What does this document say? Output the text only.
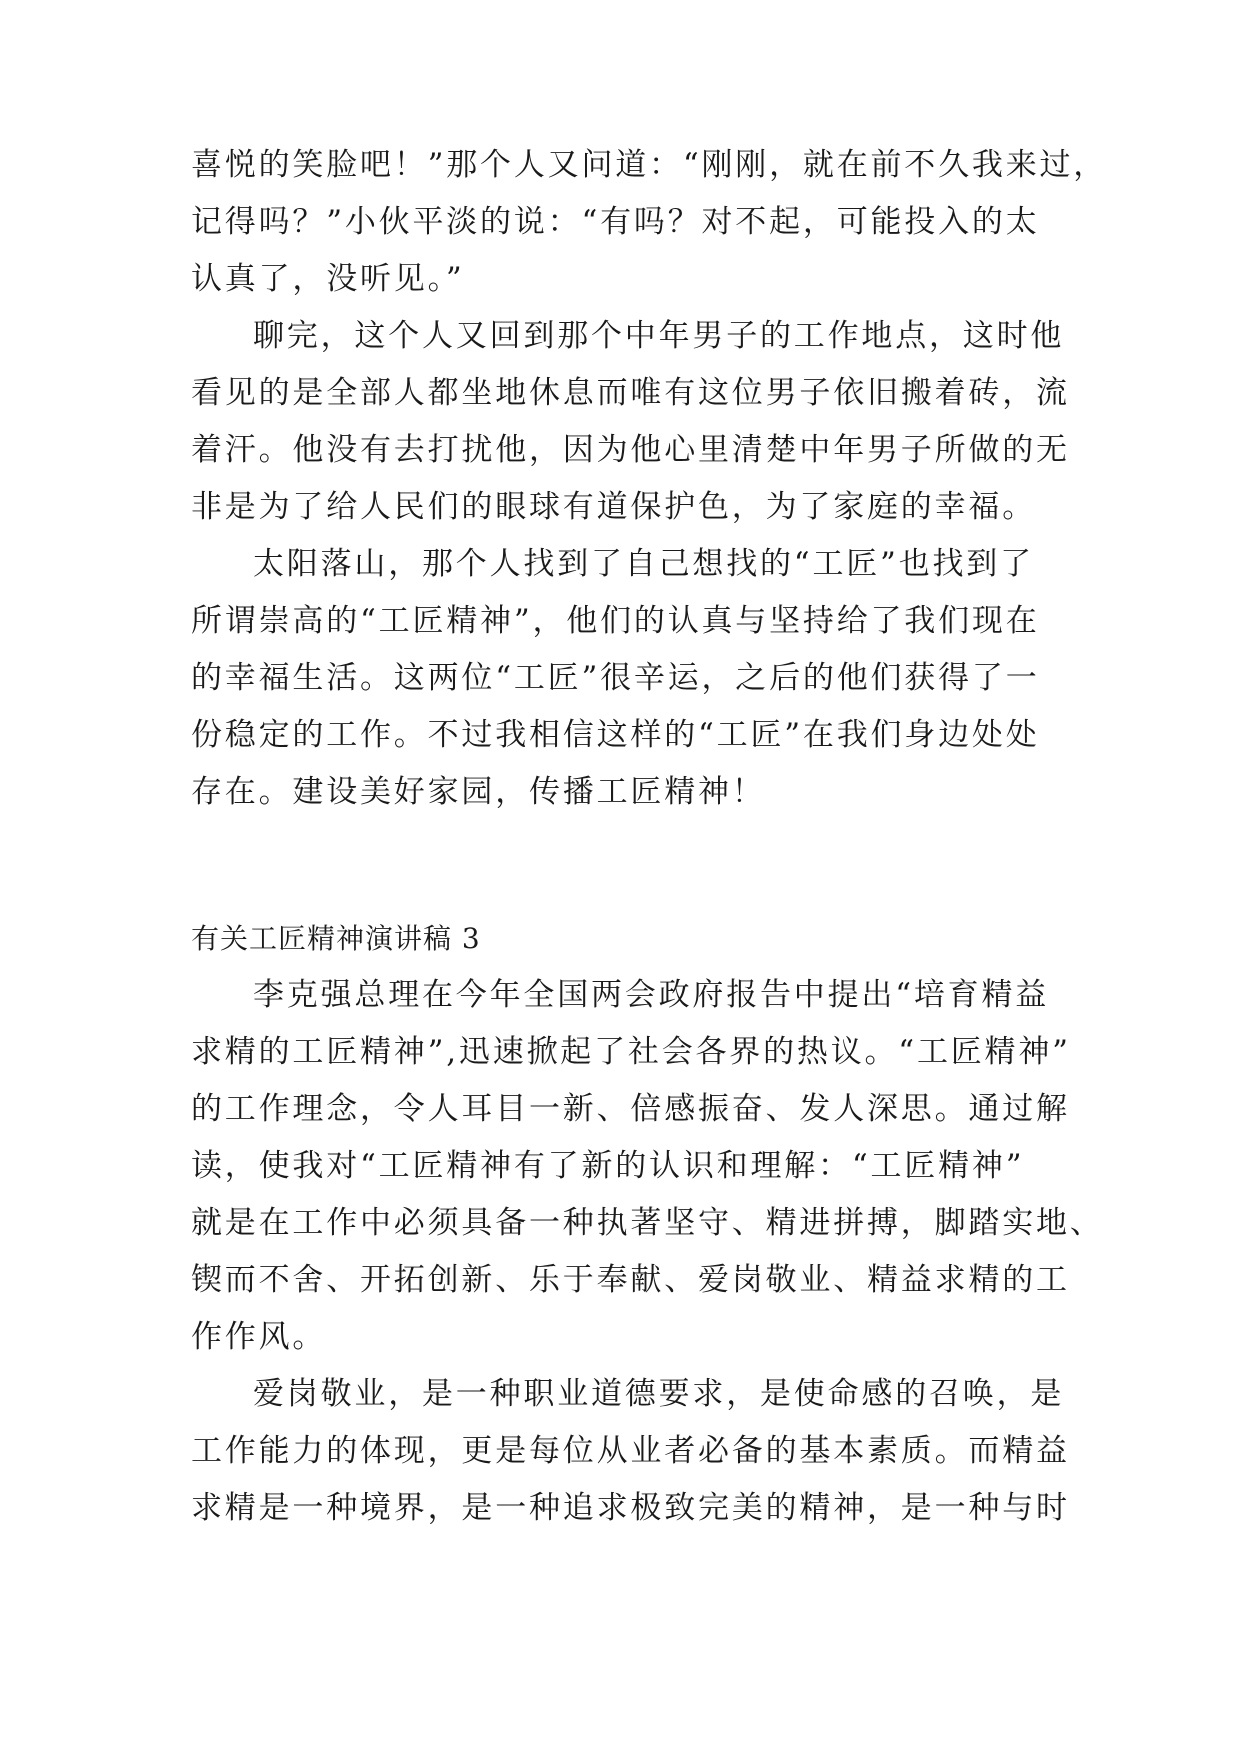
喜悦的笑脸吧！”那个人又问道：“刚刚，就在前不久我来过，
记得吗？”小伙平淡的说：“有吗？对不起，可能投入的太
认真了，没听见。”
聊完，这个人又回到那个中年男子的工作地点，这时他
看见的是全部人都坐地休息而唯有这位男子依旧搬着砖，流
着汗。他没有去打扰他，因为他心里清楚中年男子所做的无
非是为了给人民们的眼球有道保护色，为了家庭的幸福。
太阳落山，那个人找到了自己想找的“工匠”也找到了
所谓崇高的“工匠精神”，他们的认真与坚持给了我们现在
的幸福生活。这两位“工匠”很辛运，之后的他们获得了一
份稳定的工作。不过我相信这样的“工匠”在我们身边处处
存在。建设美好家园，传播工匠精神！
有关工匠精神演讲稿 3
李克强总理在今年全国两会政府报告中提出“培育精益
求精的工匠精神”,迅速掀起了社会各界的热议。“工匠精神”
的工作理念，令人耳目一新、倍感振奋、发人深思。通过解
读，使我对“工匠精神有了新的认识和理解：“工匠精神”
就是在工作中必须具备一种执著坚守、精进拼搏，脚踏实地、
锲而不舍、开拓创新、乐于奉献、爱岗敬业、精益求精的工
作作风。
爱岗敬业，是一种职业道德要求，是使命感的召唤，是
工作能力的体现，更是每位从业者必备的基本素质。而精益
求精是一种境界，是一种追求极致完美的精神，是一种与时
